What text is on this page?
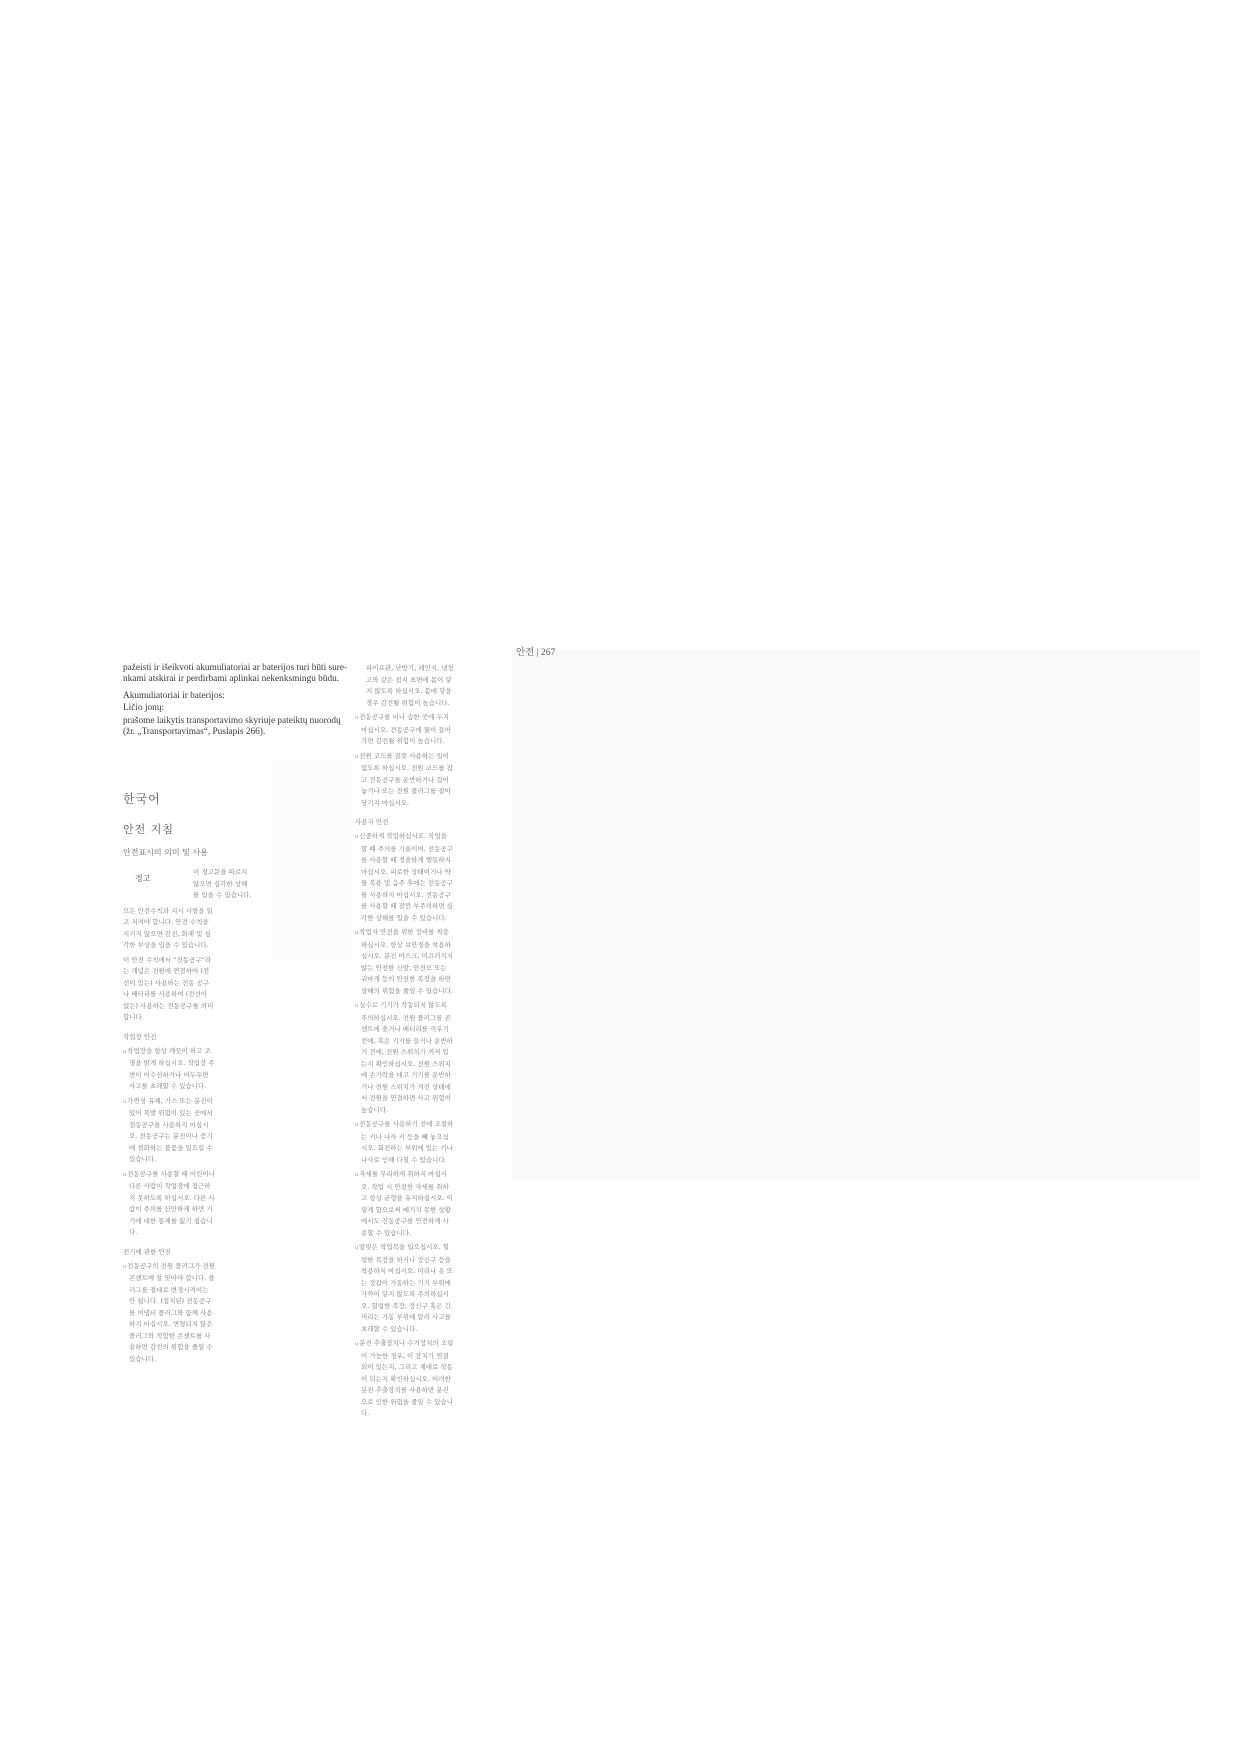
안전 | 267

pažeisti ir išeikvoti akumuliatoriai ar baterijos turi būti sure-nkami atskirai ir perdirbami aplinkai nekenksmingu būdu.

Akumuliatoriai ir baterijos:

Ličio jonų:

prašome laikytis transportavimo skyriuje pateiktų nuorodų (žr. „Transportavimas“, Puslapis 266).

한국어
안전 지침
안전표시의 의미 및 사용
경고
이 경고문을 따르지 않으면 심각한 상해를 입을 수 있습니다.

모든 안전수칙과 지시 사항을 읽고 지켜야 합니다. 안전 수칙을 지키지 않으면 감전, 화재 및 심각한 부상을 입을 수 있습니다.

이 안전 수칙에서 “전동공구”라는 개념은 전원에 연결하여 (전선이 있는) 사용하는 전동 공구나 배터리를 사용하여 (전선이 없는) 사용하는 전동공구를 의미합니다.

작업장 안전

u작업장을 항상 깨끗이 하고 조명을 밝게 하십시오. 작업장 주변이 어수선하거나 어두우면 사고를 초래할 수 있습니다.

u가연성 유체, 가스 또는 분진이 있어 폭발 위험이 있는 곳에서 전동공구를 사용하지 마십시오. 전동공구는 분진이나 증기에 점화하는 불꽃을 일으킬 수 있습니다.

u전동공구를 사용할 때 어린이나 다른 사람이 작업장에 접근하지 못하도록 하십시오. 다른 사람이 주의를 산만하게 하면 기기에 대한 통제를 잃기 쉽습니다.

전기에 관한 안전

u전동공구의 전원 플러그가 전원 콘센트에 잘 맞아야 합니다. 플러그를 절대로 변경시켜서는 안 됩니다. (접지된) 전동공구를 어댑터 플러그와 함께 사용하지 마십시오. 변형되지 않은 플러그와 적합한 콘센트를 사용하면 감전의 위험을 줄일 수 있습니다.

파이프관, 난방기, 레인지, 냉장고와 같은 접지 표면에 몸이 닿지 않도록 하십시오. 몸에 닿을 경우 감전될 위험이 높습니다.

u전동공구를 비나 습한 곳에 두지 마십시오. 전동공구에 물이 들어가면 감전될 위험이 높습니다.

u전원 코드를 잘못 사용하는 일이 없도록 하십시오. 전원 코드를 잡고 전동공구를 운반하거나 걸어 놓거나 또는 전원 플러그를 잡아 당기지 마십시오.

사용자 안전

u신중하게 작업하십시오. 작업을 할 때 주의를 기울이며, 전동공구를 사용할 때 경솔하게 행동하지 마십시오. 피로한 상태이거나 약물 복용 및 음주 후에는 전동공구를 사용하지 마십시오. 전동공구를 사용할 때 잠깐 부주의하면 심각한 상해를 입을 수 있습니다.

u작업자 안전을 위한 장비를 착용하십시오. 항상 보안경을 착용하십시오. 분진 마스크, 미끄러지지 않는 안전한 신발, 안전모 또는 귀마개 등의 안전한 복장을 하면 상해의 위험을 줄일 수 있습니다.

u실수로 기기가 작동되지 않도록 주의하십시오. 전원 플러그를 콘센트에 꽂거나 배터리를 끼우기 전에, 혹은 기기를 들거나 운반하기 전에, 전원 스위치가 꺼져 있는지 확인하십시오. 전원 스위치에 손가락을 대고 기기를 운반하거나 전원 스위치가 켜진 상태에서 전원을 연결하면 사고 위험이 높습니다.

u전동공구를 사용하기 전에 조절하는 키나 나사 키 등을 빼 놓으십시오. 회전하는 부위에 있는 키나 나사로 인해 다칠 수 있습니다.

u자세를 무리하게 취하지 마십시오. 작업 시 안전한 자세를 취하고 항상 균형을 유지하십시오. 이렇게 함으로써 예기치 못한 상황에서도 전동공구를 안전하게 사용할 수 있습니다.

u알맞은 작업복을 입으십시오. 헐렁한 복장을 하거나 장신구 등을 착용하지 마십시오. 머리나 옷 또는 장갑이 가동하는 기기 부위에 가까이 닿지 않도록 주의하십시오. 헐렁한 복장, 장신구 혹은 긴 머리는 가동 부위에 말려 사고를 초래할 수 있습니다.

u분진 추출장치나 수거장치의 조립이 가능한 경우, 이 장치가 연결되어 있는지, 그리고 제대로 작동이 되는지 확인하십시오. 이러한 분진 추출장치를 사용하면 분진으로 인한 위험을 줄일 수 있습니다.
